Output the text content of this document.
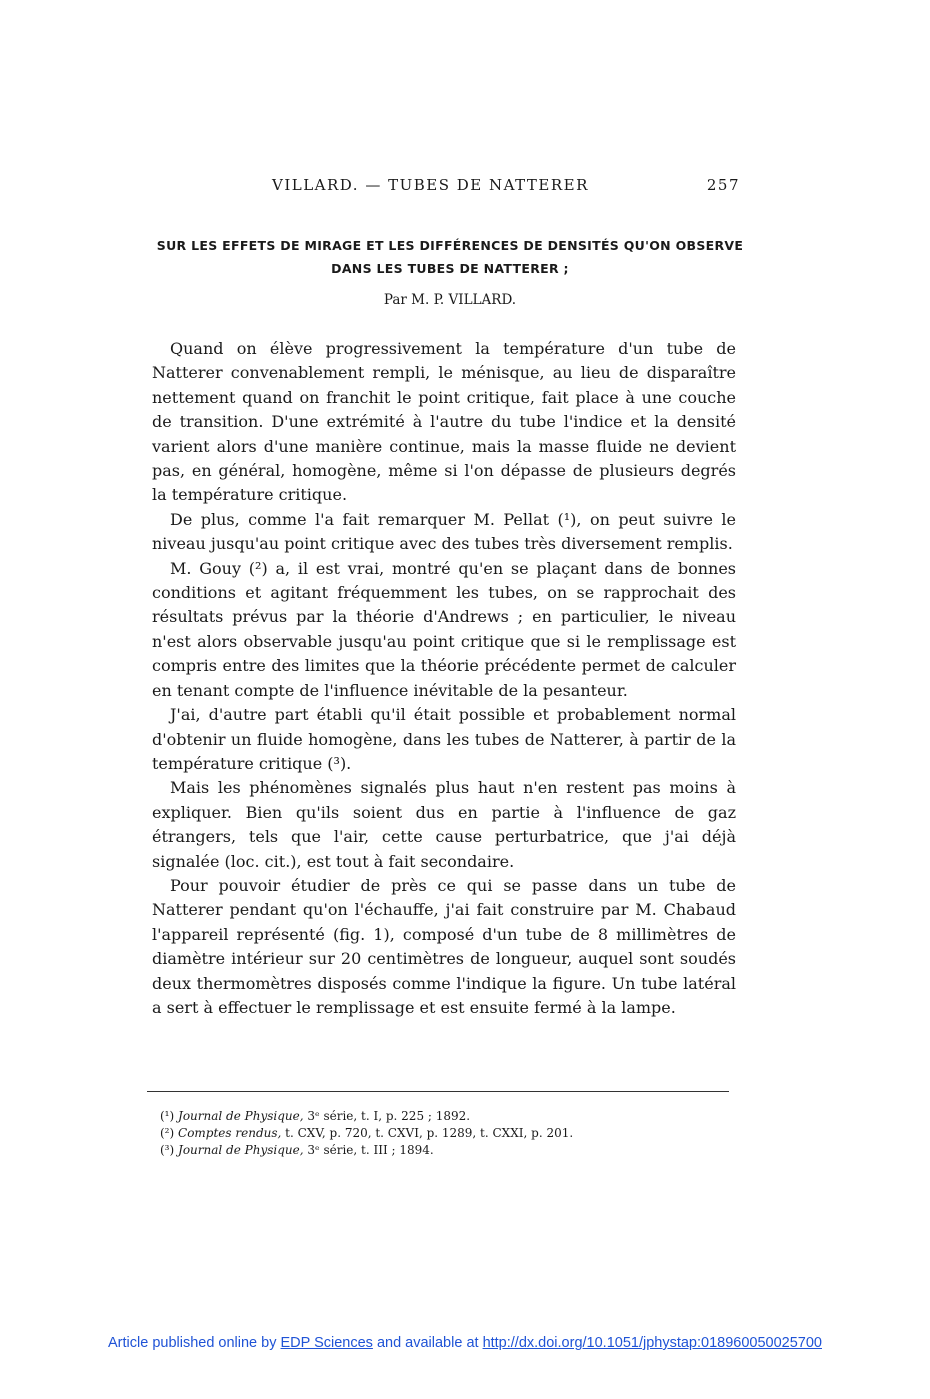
VILLARD. — TUBES DE NATTERER	257
SUR LES EFFETS DE MIRAGE ET LES DIFFÉRENCES DE DENSITÉS QU'ON OBSERVE
DANS LES TUBES DE NATTERER ;
Par M. P. VILLARD.

Quand on élève progressivement la température d'un tube de Natterer convenablement rempli, le ménisque, au lieu de disparaître nettement quand on franchit le point critique, fait place à une couche de transition. D'une extrémité à l'autre du tube l'indice et la densité varient alors d'une manière continue, mais la masse fluide ne devient pas, en général, homogène, même si l'on dépasse de plusieurs degrés la température critique.

De plus, comme l'a fait remarquer M. Pellat (¹), on peut suivre le niveau jusqu'au point critique avec des tubes très diversement remplis.

M. Gouy (²) a, il est vrai, montré qu'en se plaçant dans de bonnes conditions et agitant fréquemment les tubes, on se rapprochait des résultats prévus par la théorie d'Andrews ; en particulier, le niveau n'est alors observable jusqu'au point critique que si le remplissage est compris entre des limites que la théorie précédente permet de calculer en tenant compte de l'influence inévitable de la pesanteur.

J'ai, d'autre part établi qu'il était possible et probablement normal d'obtenir un fluide homogène, dans les tubes de Natterer, à partir de la température critique (³).

Mais les phénomènes signalés plus haut n'en restent pas moins à expliquer. Bien qu'ils soient dus en partie à l'influence de gaz étrangers, tels que l'air, cette cause perturbatrice, que j'ai déjà signalée (loc. cit.), est tout à fait secondaire.

Pour pouvoir étudier de près ce qui se passe dans un tube de Natterer pendant qu'on l'échauffe, j'ai fait construire par M. Chabaud l'appareil représenté (fig. 1), composé d'un tube de 8 millimètres de diamètre intérieur sur 20 centimètres de longueur, auquel sont soudés deux thermomètres disposés comme l'indique la figure. Un tube latéral a sert à effectuer le remplissage et est ensuite fermé à la lampe.

(¹) Journal de Physique, 3ᵉ série, t. I, p. 225 ; 1892.
(²) Comptes rendus, t. CXV, p. 720, t. CXVI, p. 1289, t. CXXI, p. 201.
(³) Journal de Physique, 3ᵉ série, t. III ; 1894.
Article published online by EDP Sciences and available at http://dx.doi.org/10.1051/jphystap:018960050025700
